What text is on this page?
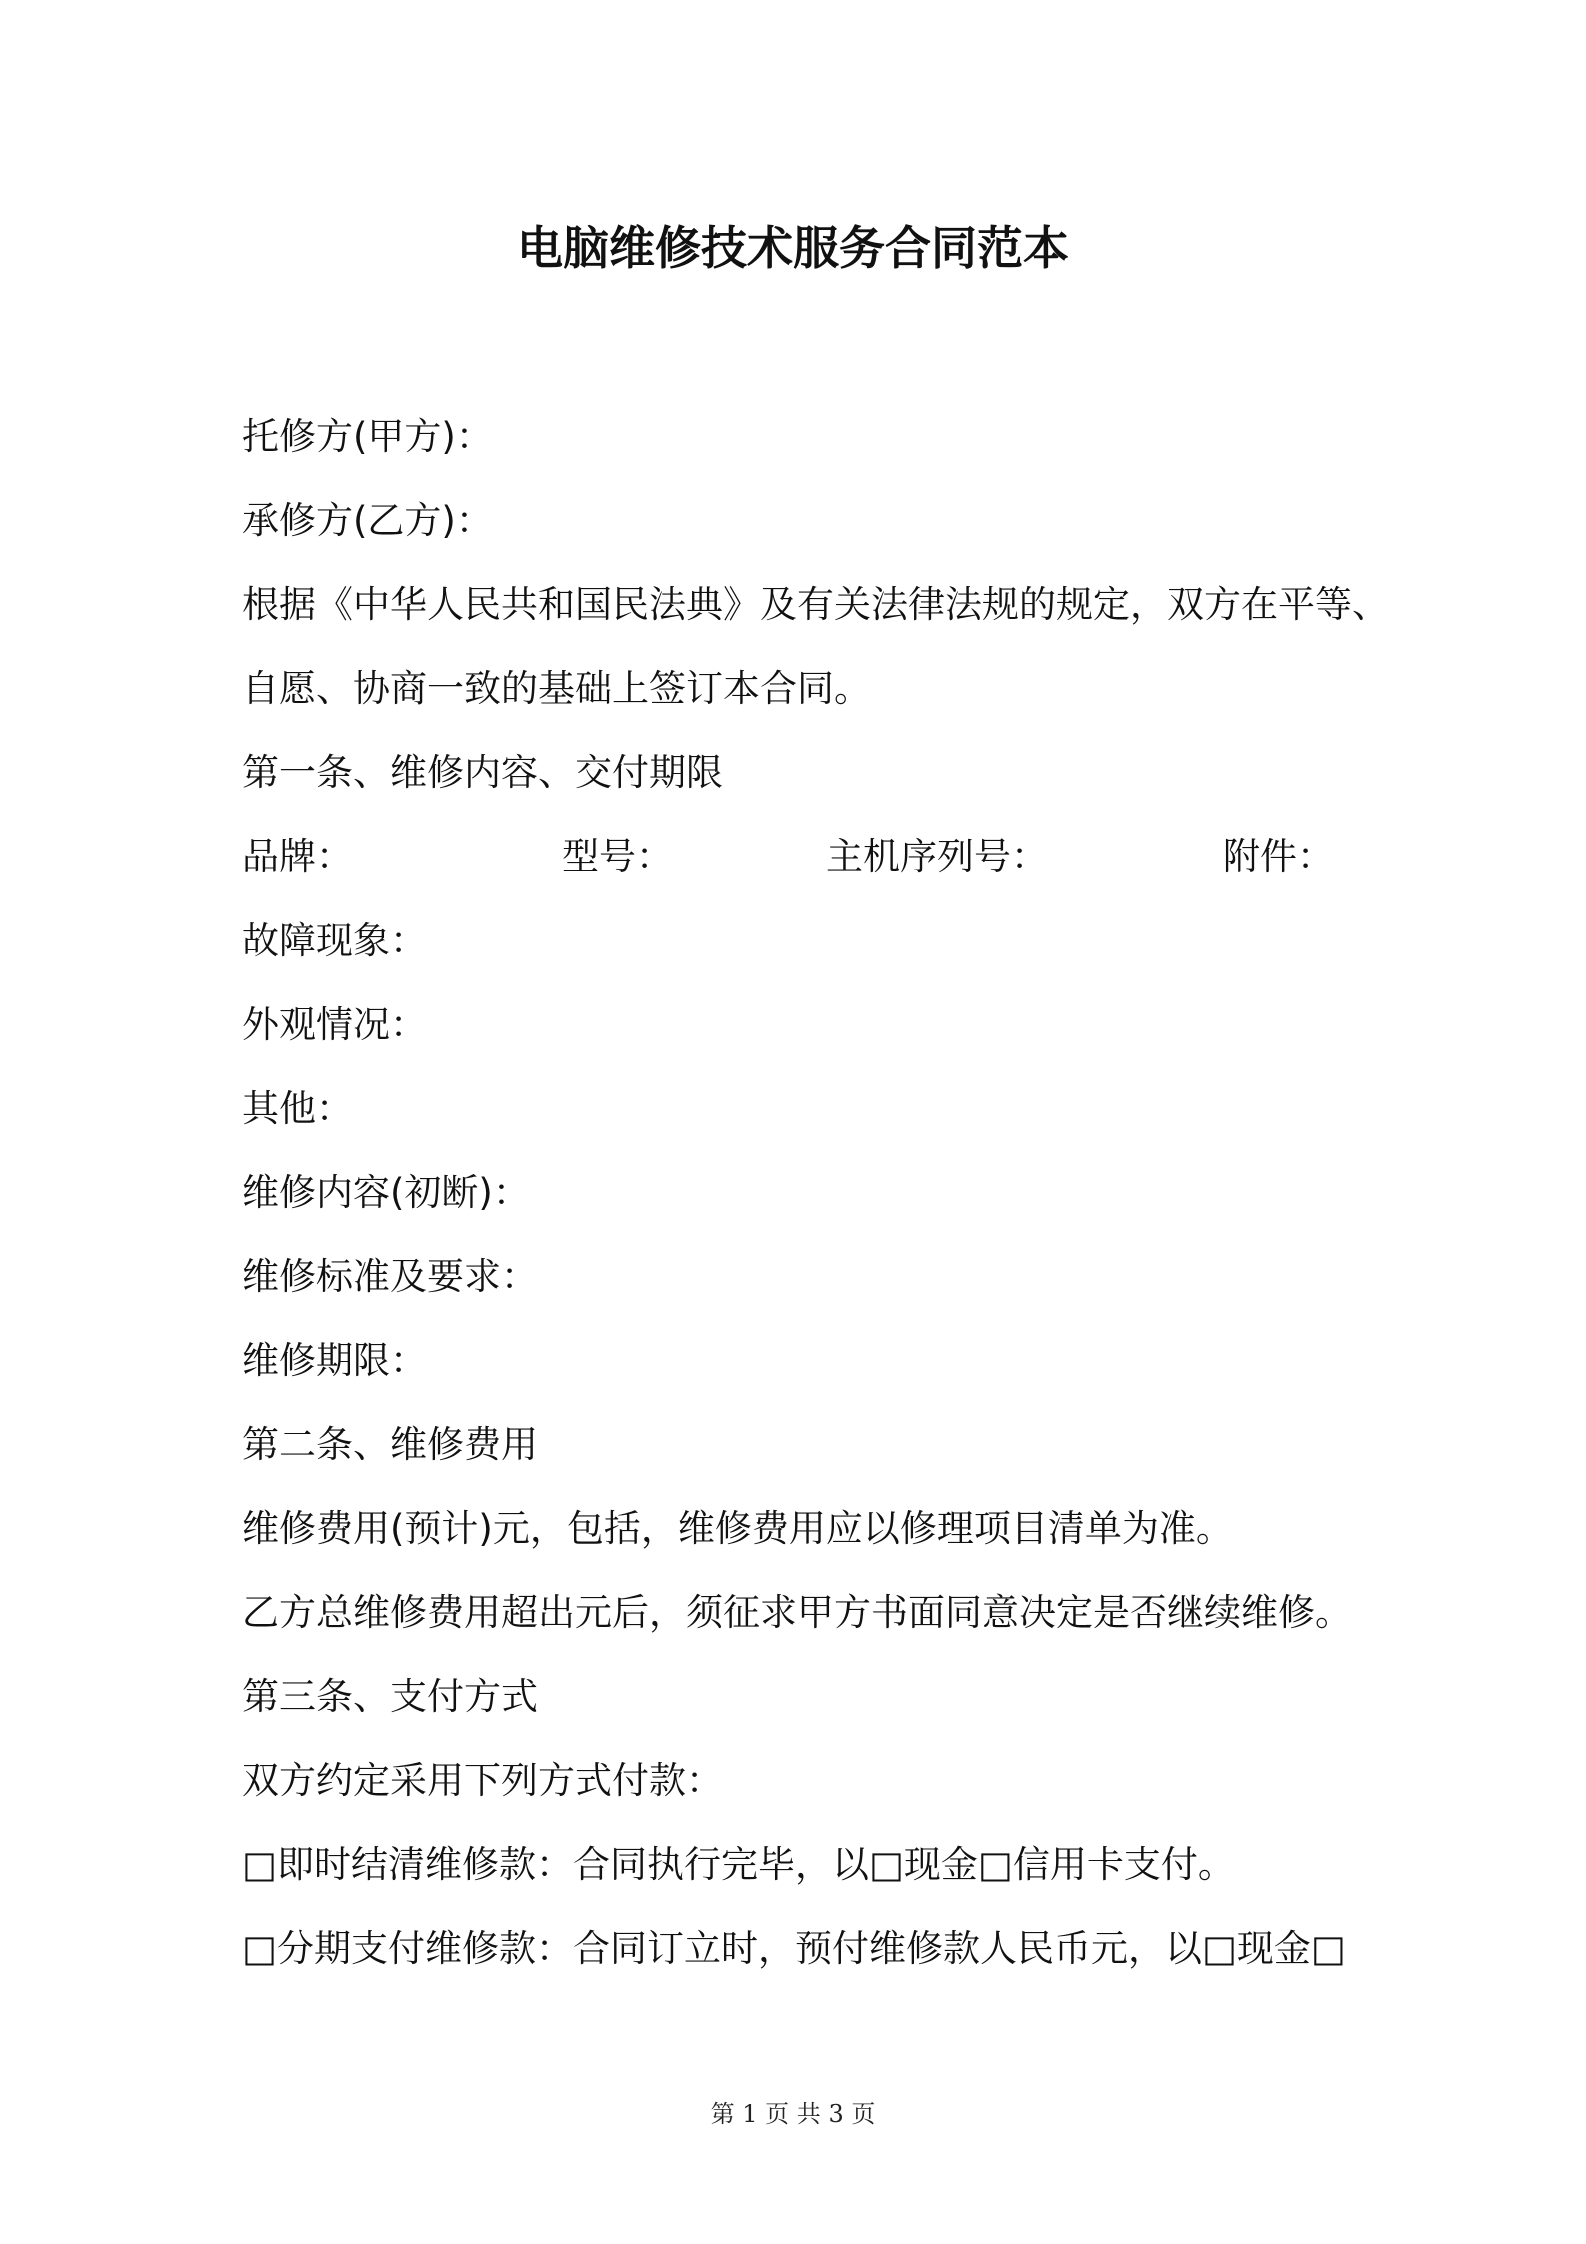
电脑维修技术服务合同范本
托修方(甲方)：
承修方(乙方)：
根据《中华人民共和国民法典》及有关法律法规的规定，双方在平等、
自愿、协商一致的基础上签订本合同。
第一条、维修内容、交付期限
品牌：	型号：	主机序列号：	附件：
故障现象：
外观情况：
其他：
维修内容(初断)：
维修标准及要求：
维修期限：
第二条、维修费用
维修费用(预计)元，包括，维修费用应以修理项目清单为准。
乙方总维修费用超出元后，须征求甲方书面同意决定是否继续维修。
第三条、支付方式
双方约定采用下列方式付款：
□即时结清维修款：合同执行完毕，以□现金□信用卡支付。
□分期支付维修款：合同订立时，预付维修款人民币元，以□现金□
第 1 页 共 3 页
